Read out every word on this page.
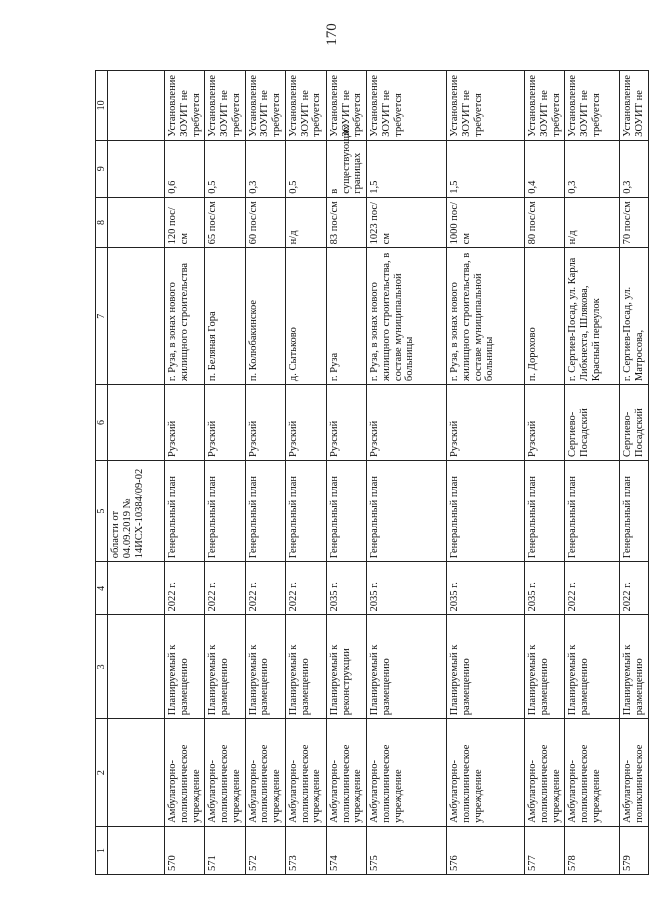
170
1	2	3	4	5	6	7	8	9	10
				области от 04.09.2019 № 14ИСХ-10384/09-02					
570	Амбулаторно-поликлиническое учреждение	Планируемый к размещению	2022 г.	Генеральный план	Рузский	г. Руза, в зонах нового жилищного строительства	120 пос/см	0,6	Установление ЗОУИТ не требуется
571	Амбулаторно-поликлиническое учреждение	Планируемый к размещению	2022 г.	Генеральный план	Рузский	п. Беляная Гора	65 пос/см	0,5	Установление ЗОУИТ не требуется
572	Амбулаторно-поликлиническое учреждение	Планируемый к размещению	2022 г.	Генеральный план	Рузский	п. Колюбакинское	60 пос/см	0,3	Установление ЗОУИТ не требуется
573	Амбулаторно-поликлиническое учреждение	Планируемый к размещению	2022 г.	Генеральный план	Рузский	д. Сытьково	н/д	0,5	Установление ЗОУИТ не требуется
574	Амбулаторно-поликлиническое учреждение	Планируемый к реконструкции	2035 г.	Генеральный план	Рузский	г. Руза	83 пос/см	в существующих границах	Установление ЗОУИТ не требуется
575	Амбулаторно-поликлиническое учреждение	Планируемый к размещению	2035 г.	Генеральный план	Рузский	г. Руза, в зонах нового жилищного строительства, в составе муниципальной больницы	1023 пос/см	1,5	Установление ЗОУИТ не требуется
576	Амбулаторно-поликлиническое учреждение	Планируемый к размещению	2035 г.	Генеральный план	Рузский	г. Руза, в зонах нового жилищного строительства, в составе муниципальной больницы	1000 пос/см	1,5	Установление ЗОУИТ не требуется
577	Амбулаторно-поликлиническое учреждение	Планируемый к размещению	2035 г.	Генеральный план	Рузский	п. Дорохово	80 пос/см	0,4	Установление ЗОУИТ не требуется
578	Амбулаторно-поликлиническое учреждение	Планируемый к размещению	2022 г.	Генеральный план	Сергиево-Посадский	г. Сергиев-Посад, ул. Карла Либкнехта, Шлякова, Красный переулок	н/д	0,3	Установление ЗОУИТ не требуется
579	Амбулаторно-поликлиническое	Планируемый к размещению	2022 г.	Генеральный план	Сергиево-Посадский	г. Сергиев-Посад, ул. Матросова,	70 пос/см	0,3	Установление ЗОУИТ не
